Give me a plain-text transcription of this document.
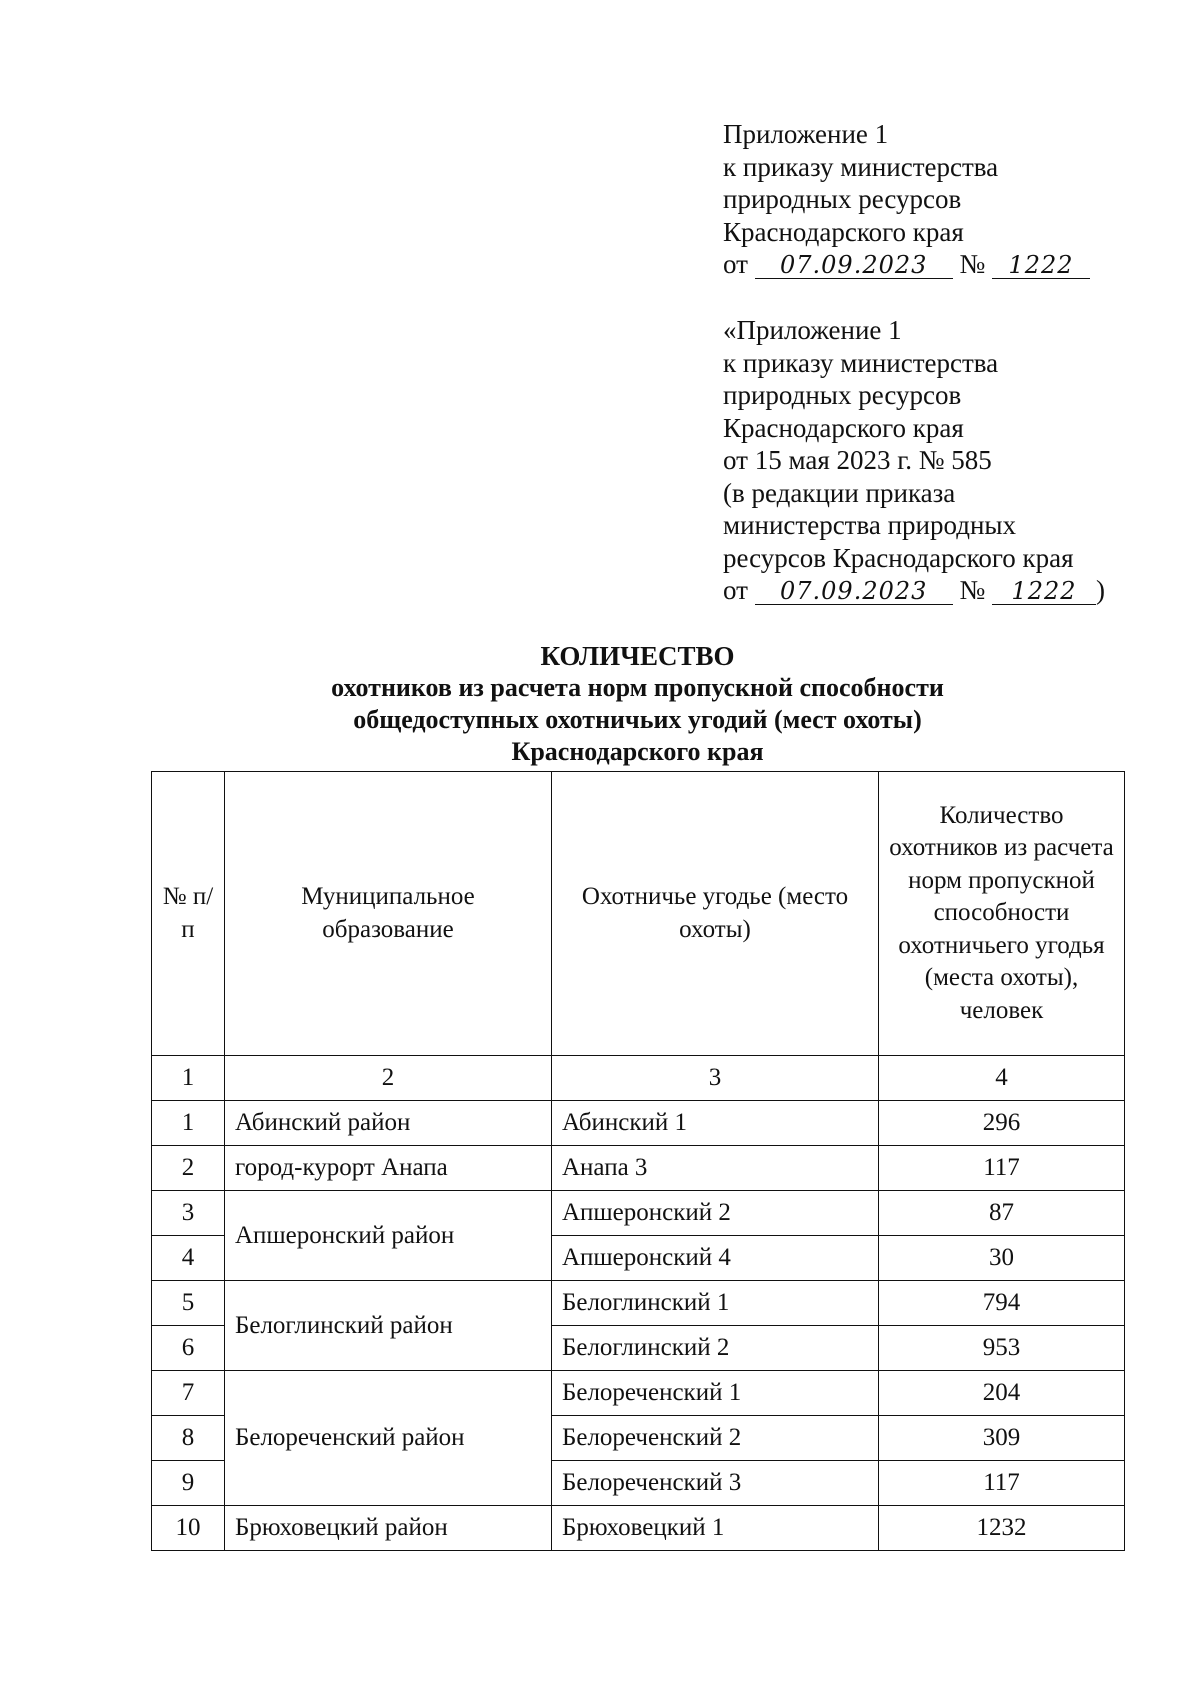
Приложение 1
к приказу министерства
природных ресурсов
Краснодарского края
от 07.09.2023 № 1222
«Приложение 1
к приказу министерства
природных ресурсов
Краснодарского края
от 15 мая 2023 г. № 585
(в редакции приказа
министерства природных
ресурсов Краснодарского края
от 07.09.2023 № 1222 )
КОЛИЧЕСТВО
охотников из расчета норм пропускной способности
общедоступных охотничьих угодий (мест охоты)
Краснодарского края
№ п/п	Муниципальное образование	Охотничье угодье (место охоты)	Количество охотников из расчета норм пропускной способности охотничьего угодья (места охоты), человек
1	2	3	4
1	Абинский район	Абинский 1	296
2	город-курорт Анапа	Анапа 3	117
3	Апшеронский район	Апшеронский 2	87
4		Апшеронский 4	30
5	Белоглинский район	Белоглинский 1	794
6		Белоглинский 2	953
7	Белореченский район	Белореченский 1	204
8		Белореченский 2	309
9		Белореченский 3	117
10	Брюховецкий район	Брюховецкий 1	1232
